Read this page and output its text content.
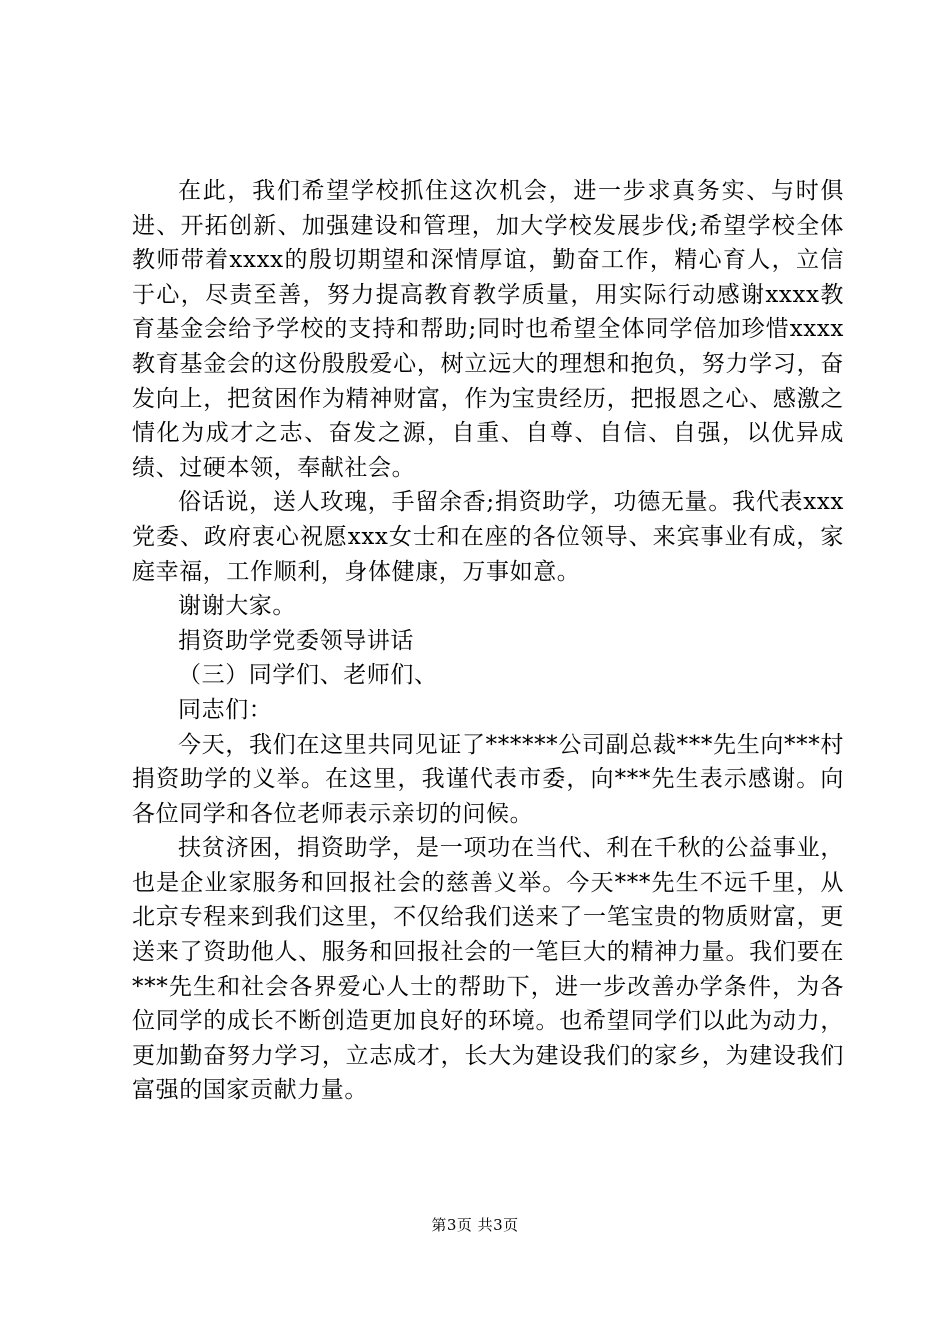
在此，我们希望学校抓住这次机会，进一步求真务实、与时俱进、开拓创新、加强建设和管理，加大学校发展步伐;希望学校全体教师带着xxxx的殷切期望和深情厚谊，勤奋工作，精心育人，立信于心，尽责至善，努力提高教育教学质量，用实际行动感谢xxxx教育基金会给予学校的支持和帮助;同时也希望全体同学倍加珍惜xxxx教育基金会的这份殷殷爱心，树立远大的理想和抱负，努力学习，奋发向上，把贫困作为精神财富，作为宝贵经历，把报恩之心、感激之情化为成才之志、奋发之源，自重、自尊、自信、自强，以优异成绩、过硬本领，奉献社会。

俗话说，送人玫瑰，手留余香;捐资助学，功德无量。我代表xxx党委、政府衷心祝愿xxx女士和在座的各位领导、来宾事业有成，家庭幸福，工作顺利，身体健康，万事如意。

谢谢大家。

捐资助学党委领导讲话

（三）同学们、老师们、

同志们：

今天，我们在这里共同见证了******公司副总裁***先生向***村捐资助学的义举。在这里，我谨代表市委，向***先生表示感谢。向各位同学和各位老师表示亲切的问候。

扶贫济困，捐资助学，是一项功在当代、利在千秋的公益事业，也是企业家服务和回报社会的慈善义举。今天***先生不远千里，从北京专程来到我们这里，不仅给我们送来了一笔宝贵的物质财富，更送来了资助他人、服务和回报社会的一笔巨大的精神力量。我们要在***先生和社会各界爱心人士的帮助下，进一步改善办学条件，为各位同学的成长不断创造更加良好的环境。也希望同学们以此为动力，更加勤奋努力学习，立志成才，长大为建设我们的家乡，为建设我们富强的国家贡献力量。

第3页 共3页
